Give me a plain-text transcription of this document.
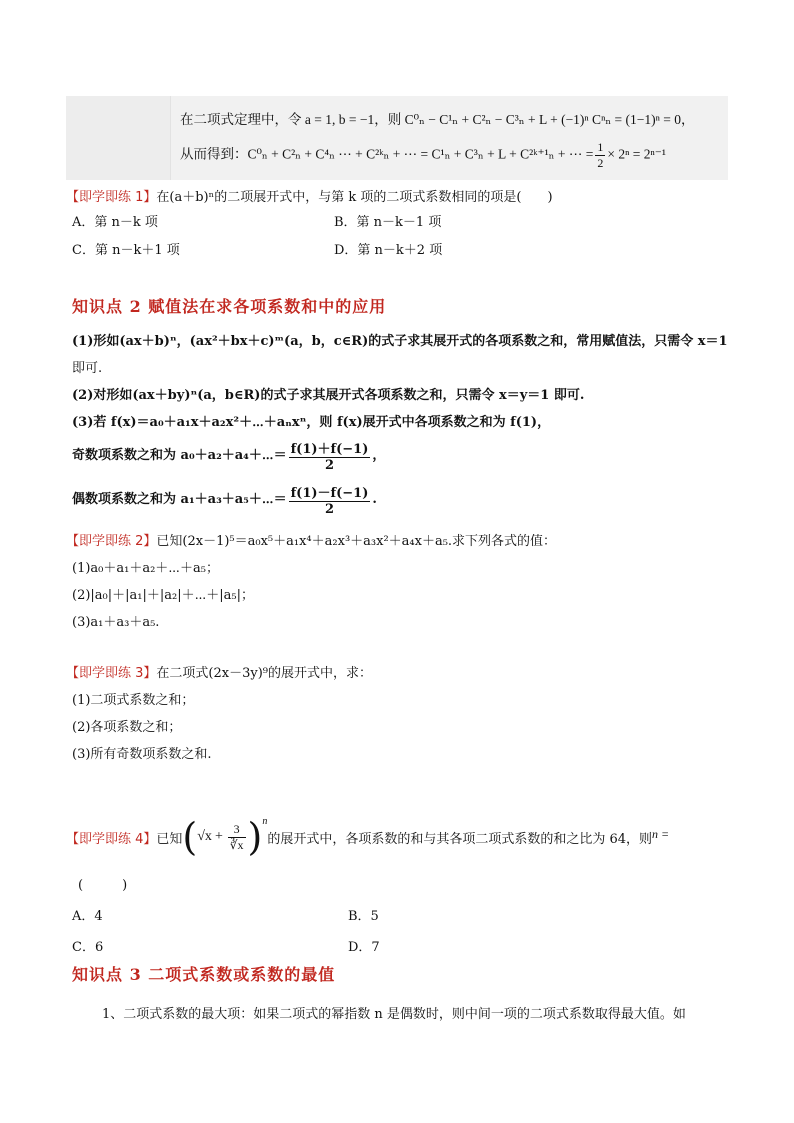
在二项式定理中，令 a = 1, b = −1，则 C⁰ₙ − C¹ₙ + C²ₙ − C³ₙ + L + (−1)ⁿ Cⁿₙ = (1−1)ⁿ = 0，
从而得到：C⁰ₙ + C²ₙ + C⁴ₙ ⋯ + C²ᵏₙ + ⋯ = C¹ₙ + C³ₙ + L + C²ᵏ⁺¹ₙ + ⋯ = $\frac{1}{2} \times 2^n = 2^{n-1}$
【即学即练 1】在(a＋b)ⁿ的二项展开式中，与第 k 项的二项式系数相同的项是(　　)
A．第 n－k 项	B．第 n－k－1 项
C．第 n－k＋1 项	D．第 n－k＋2 项
知识点 2 赋值法在求各项系数和中的应用
(1)形如(ax＋b)ⁿ，(ax²＋bx＋c)ᵐ(a，b，c∈R)的式子求其展开式的各项系数之和，常用赋值法，只需令 x＝1
即可.
(2)对形如(ax＋by)ⁿ(a，b∈R)的式子求其展开式各项系数之和，只需令 x＝y＝1 即可.
(3)若 f(x)＝a₀＋a₁x＋a₂x²＋⋯＋aₙxⁿ，则 f(x)展开式中各项系数之和为 f(1)，
奇数项系数之和为 a₀＋a₂＋a₄＋⋯＝ $\frac{f(1)+f(-1)}{2}$ ，
偶数项系数之和为 a₁＋a₃＋a₅＋⋯＝ $\frac{f(1)-f(-1)}{2}$ .
【即学即练 2】已知(2x－1)⁵＝a₀x⁵＋a₁x⁴＋a₂x³＋a₃x²＋a₄x＋a₅.求下列各式的值：
(1)a₀＋a₁＋a₂＋⋯＋a₅；
(2)|a₀|＋|a₁|＋|a₂|＋⋯＋|a₅|；
(3)a₁＋a₃＋a₅.
【即学即练 3】在二项式(2x－3y)⁹的展开式中，求：
(1)二项式系数之和；
(2)各项系数之和；
(3)所有奇数项系数之和.
【即学即练 4】 已知 ( $√x + \frac{3}{∛x}$ ) n
的展开式中，各项系数的和与其各项二项式系数的和之比为 64，则 n =
(　　　)
A．4	B．5
C．6	D．7
知识点 3 二项式系数或系数的最值
1、二项式系数的最大项：如果二项式的幂指数 n 是偶数时，则中间一项的二项式系数取得最大值。如
